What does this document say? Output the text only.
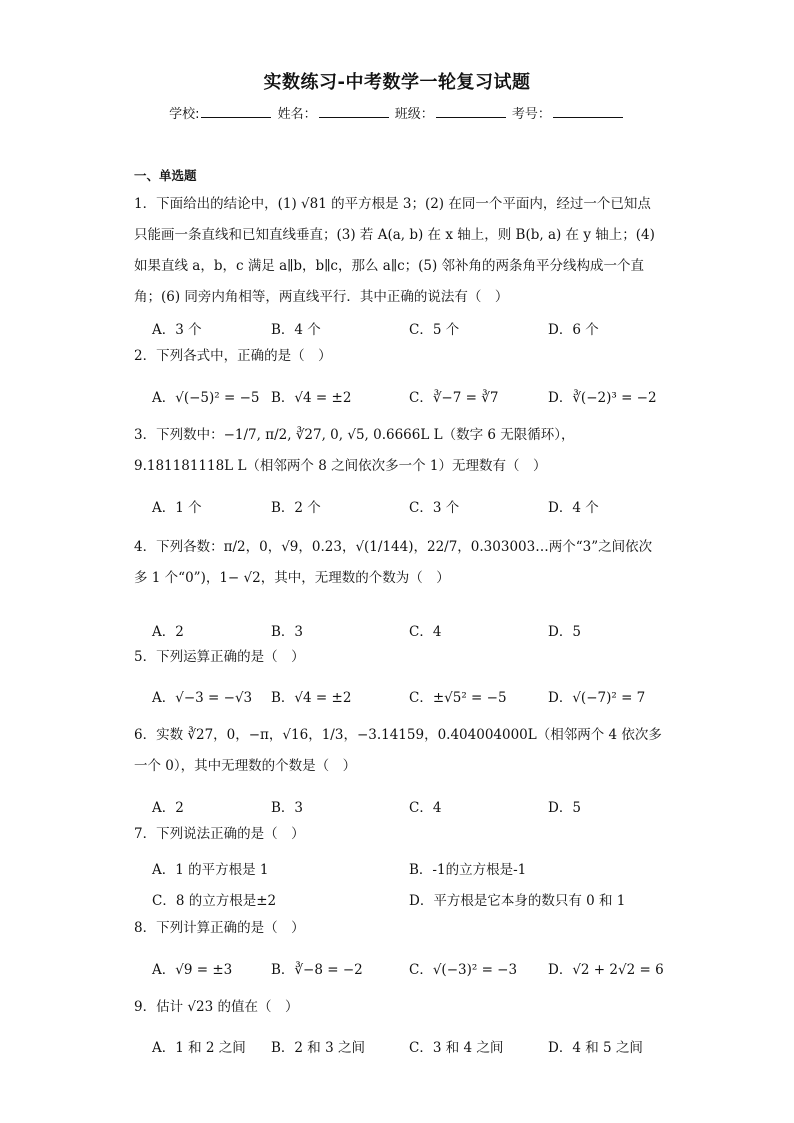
实数练习-中考数学一轮复习试题
学校:	姓名：	班级：	考号：
一、单选题
1．下面给出的结论中，(1) √81 的平方根是 3；(2) 在同一个平面内，经过一个已知点只能画一条直线和已知直线垂直；(3) 若 A(a, b) 在 x 轴上，则 B(b, a) 在 y 轴上；(4) 如果直线 a，b，c 满足 a∥b，b∥c，那么 a∥c；(5) 邻补角的两条角平分线构成一个直角；(6) 同旁内角相等，两直线平行．其中正确的说法有（　）
A．3 个	B．4 个	C．5 个	D．6 个
2．下列各式中，正确的是（　）
A．√(−5)² = −5 B．√4 = ±2	C．∛−7 = ∛7	D．∛(−2)³ = −2
3．下列数中：−1/7, π/2, ∛27, 0, √5, 0.6666L L（数字 6 无限循环），9.181181118L L（相邻两个 8 之间依次多一个 1）无理数有（　）
A．1 个	B．2 个	C．3 个	D．4 个
4．下列各数：π/2，0，√9，0.23，√(1/144)，22/7，0.303003…两个“3”之间依次多 1 个“0”)，1− √2，其中，无理数的个数为（　）
A．2	B．3	C．4	D．5
5．下列运算正确的是（　）
A．√−3 = −√3 B．√4 = ±2	C．±√5² = −5	D．√(−7)² = 7
6．实数 ∛27，0，−π，√16，1/3，−3.14159，0.404004000L（相邻两个 4 依次多一个 0），其中无理数的个数是（　）
A．2	B．3	C．4	D．5
7．下列说法正确的是（　）
A．1 的平方根是 1	B．-1的立方根是-1
C．8 的立方根是±2	D．平方根是它本身的数只有 0 和 1
8．下列计算正确的是（　）
A．√9 = ±3	B．∛−8 = −2	C．√(−3)² = −3 D．√2 + 2√2 = 6
9．估计 √23 的值在（　）
A．1 和 2 之间 B．2 和 3 之间	C．3 和 4 之间	D．4 和 5 之间
